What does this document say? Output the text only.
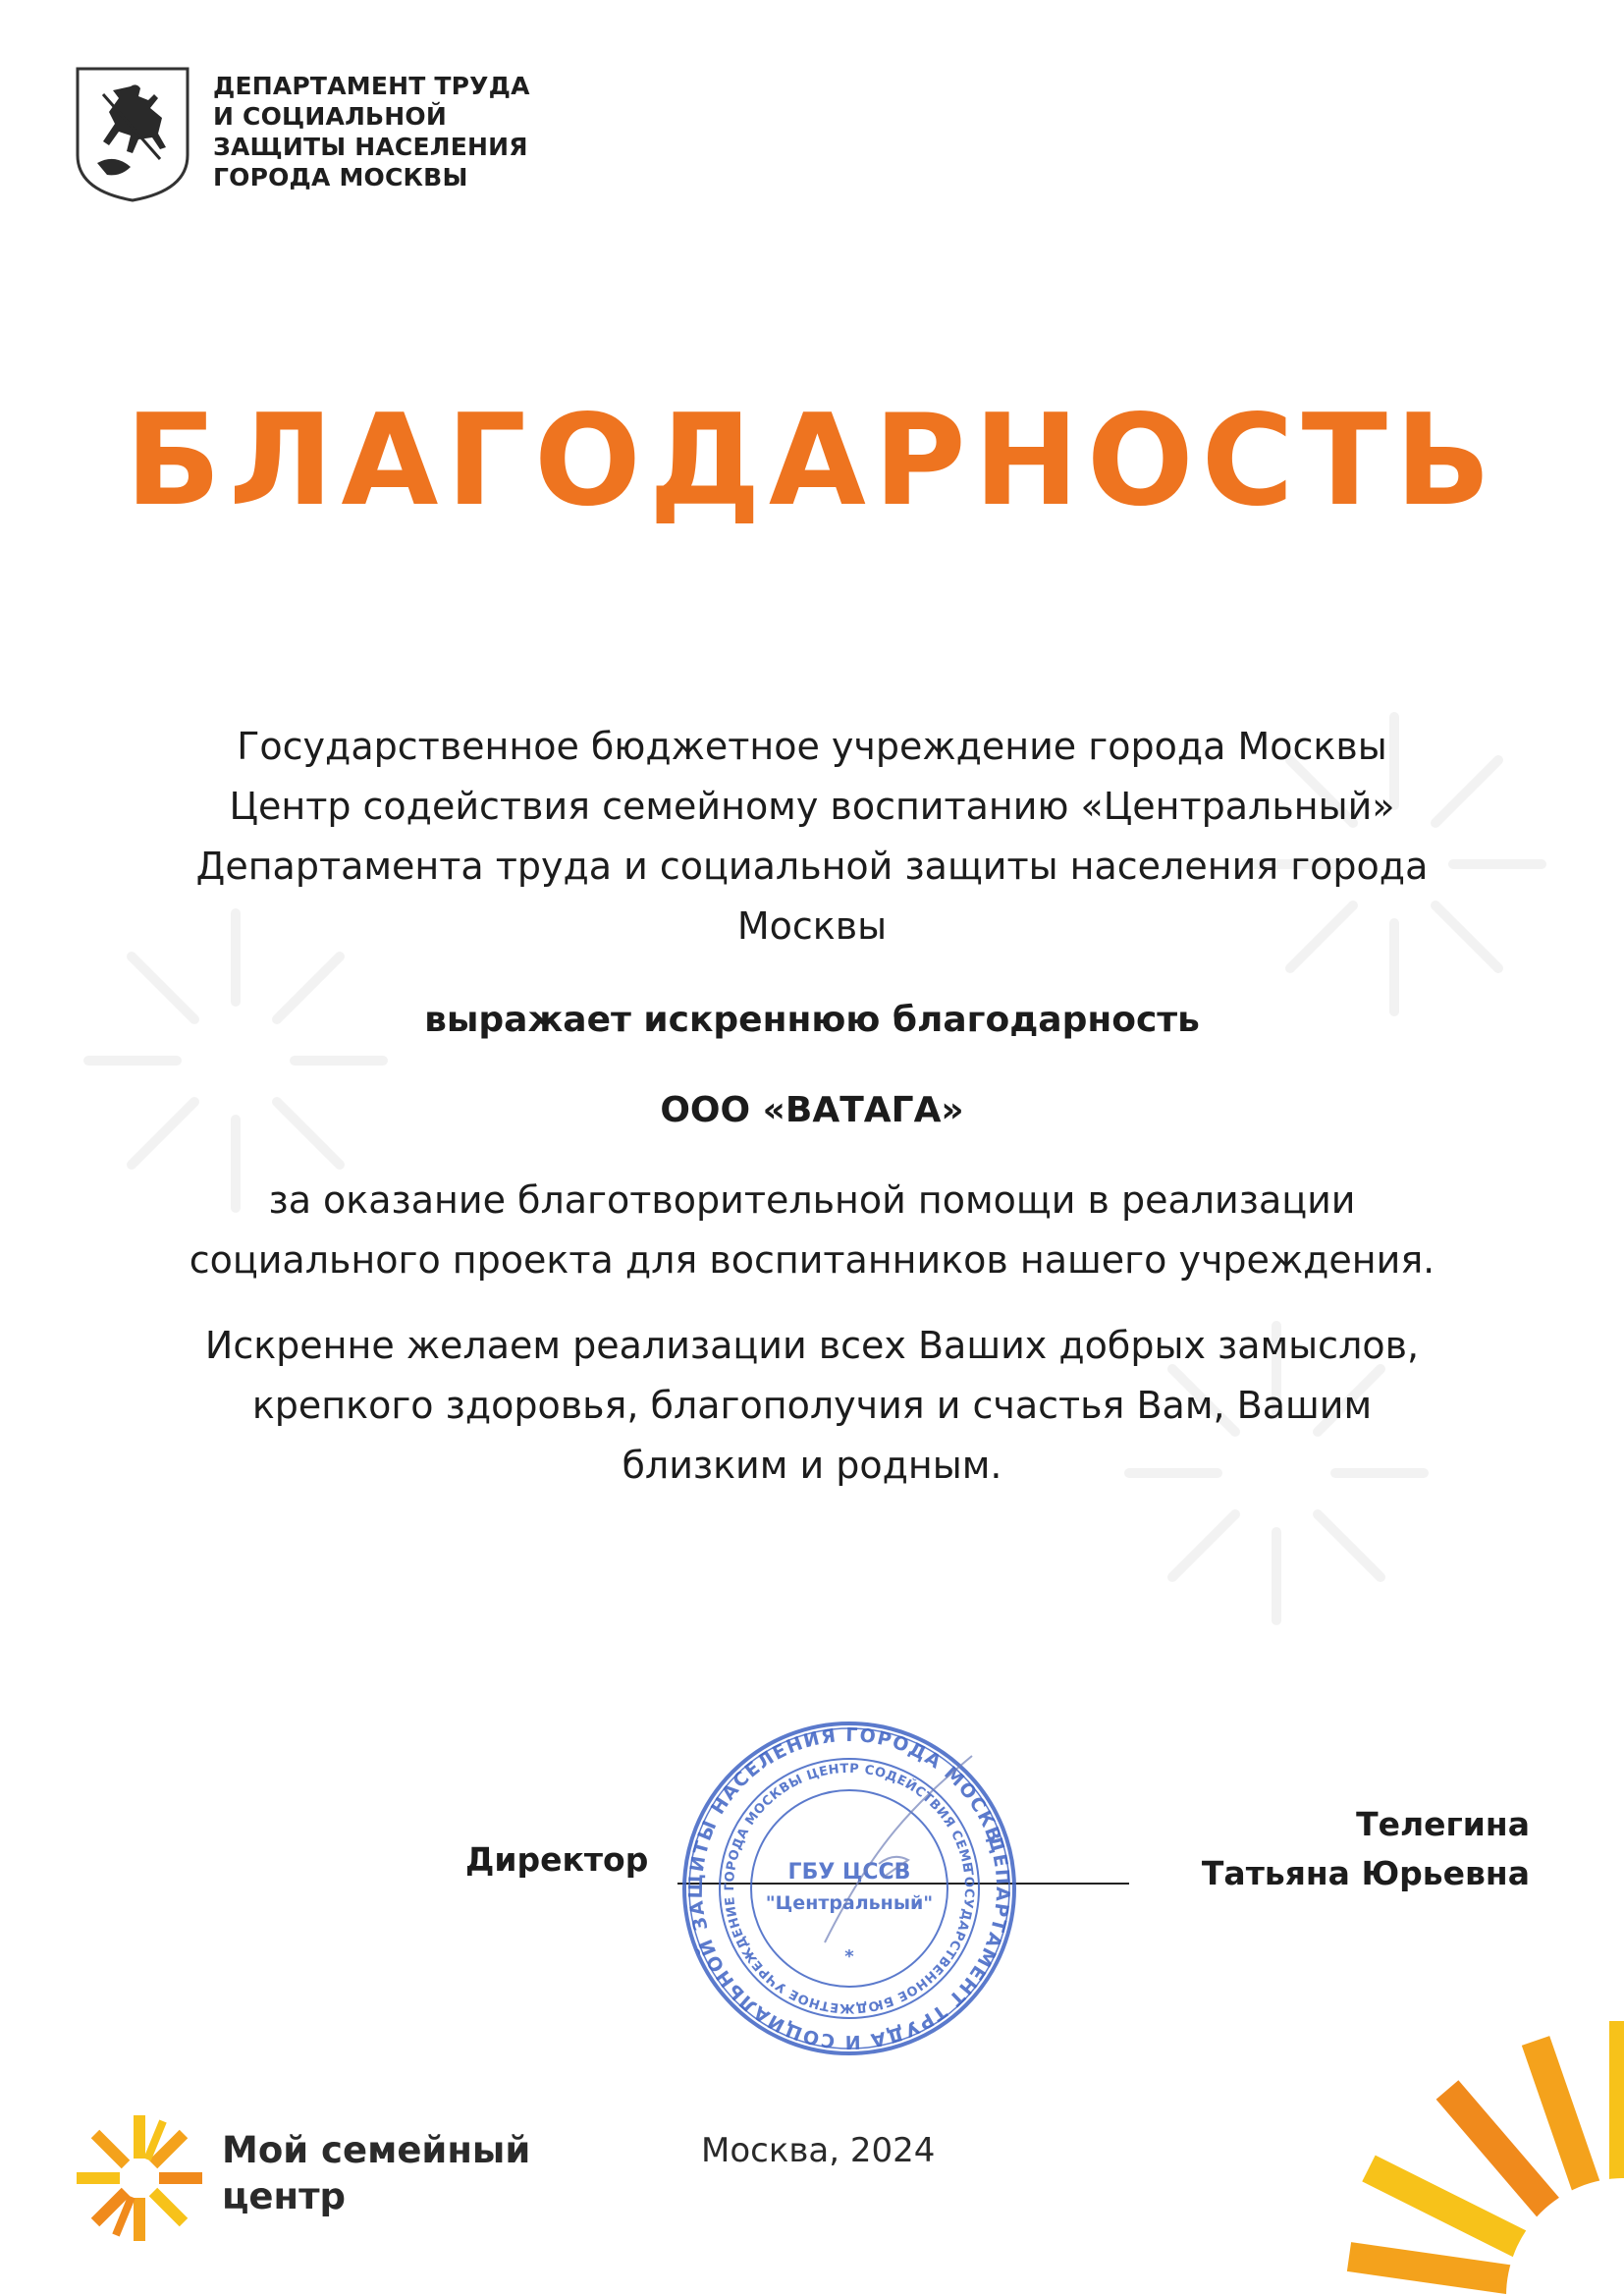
ДЕПАРТАМЕНТ ТРУДА
И СОЦИАЛЬНОЙ
ЗАЩИТЫ НАСЕЛЕНИЯ
ГОРОДА МОСКВЫ
БЛАГОДАРНОСТЬ
Государственное бюджетное учреждение города Москвы
Центр содействия семейному воспитанию «Центральный»
Департамента труда и социальной защиты населения города
Москвы
выражает искреннюю благодарность
ООО «ВАТАГА»
за оказание благотворительной помощи в реализации
социального проекта для воспитанников нашего учреждения.
Искренне желаем реализации всех Ваших добрых замыслов,
крепкого здоровья, благополучия и счастья Вам, Вашим
близким и родным.
Директор
Телегина
Татьяна Юрьевна
ДЕПАРТАМЕНТ ТРУДА И СОЦИАЛЬНОЙ ЗАЩИТЫ НАСЕЛЕНИЯ ГОРОДА МОСКВЫ
ГОСУДАРСТВЕННОЕ БЮДЖЕТНОЕ УЧРЕЖДЕНИЕ ГОРОДА МОСКВЫ ЦЕНТР СОДЕЙСТВИЯ СЕМЕЙНОМУ
ГБУ ЦССВ
"Центральный"
*
Мой семейный
центр
Москва, 2024
